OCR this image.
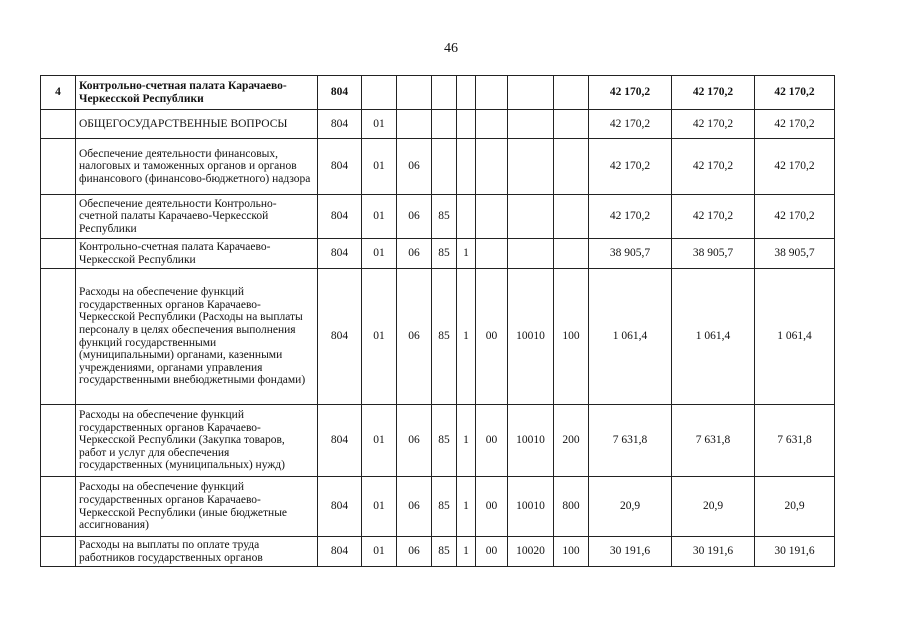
46
4	Контрольно-счетная палата Карачаево-Черкесской Республики	804								42 170,2	42 170,2	42 170,2
	ОБЩЕГОСУДАРСТВЕННЫЕ ВОПРОСЫ	804	01							42 170,2	42 170,2	42 170,2
	Обеспечение деятельности финансовых, налоговых и таможенных органов и органов финансового (финансово-бюджетного) надзора	804	01	06						42 170,2	42 170,2	42 170,2
	Обеспечение деятельности Контрольно-счетной палаты Карачаево-Черкесской Республики	804	01	06	85					42 170,2	42 170,2	42 170,2
	Контрольно-счетная палата Карачаево-Черкесской Республики	804	01	06	85	1				38 905,7	38 905,7	38 905,7
	Расходы на обеспечение функций государственных органов Карачаево-Черкесской Республики (Расходы на выплаты персоналу в целях обеспечения выполнения функций государственными (муниципальными) органами, казенными учреждениями, органами управления государственными внебюджетными фондами)	804	01	06	85	1	00	10010	100	1 061,4	1 061,4	1 061,4
	Расходы на обеспечение функций государственных органов Карачаево-Черкесской Республики (Закупка товаров, работ и услуг для обеспечения государственных (муниципальных) нужд)	804	01	06	85	1	00	10010	200	7 631,8	7 631,8	7 631,8
	Расходы на обеспечение функций государственных органов Карачаево-Черкесской Республики (иные бюджетные ассигнования)	804	01	06	85	1	00	10010	800	20,9	20,9	20,9
	Расходы на выплаты по оплате труда работников государственных органов	804	01	06	85	1	00	10020	100	30 191,6	30 191,6	30 191,6
